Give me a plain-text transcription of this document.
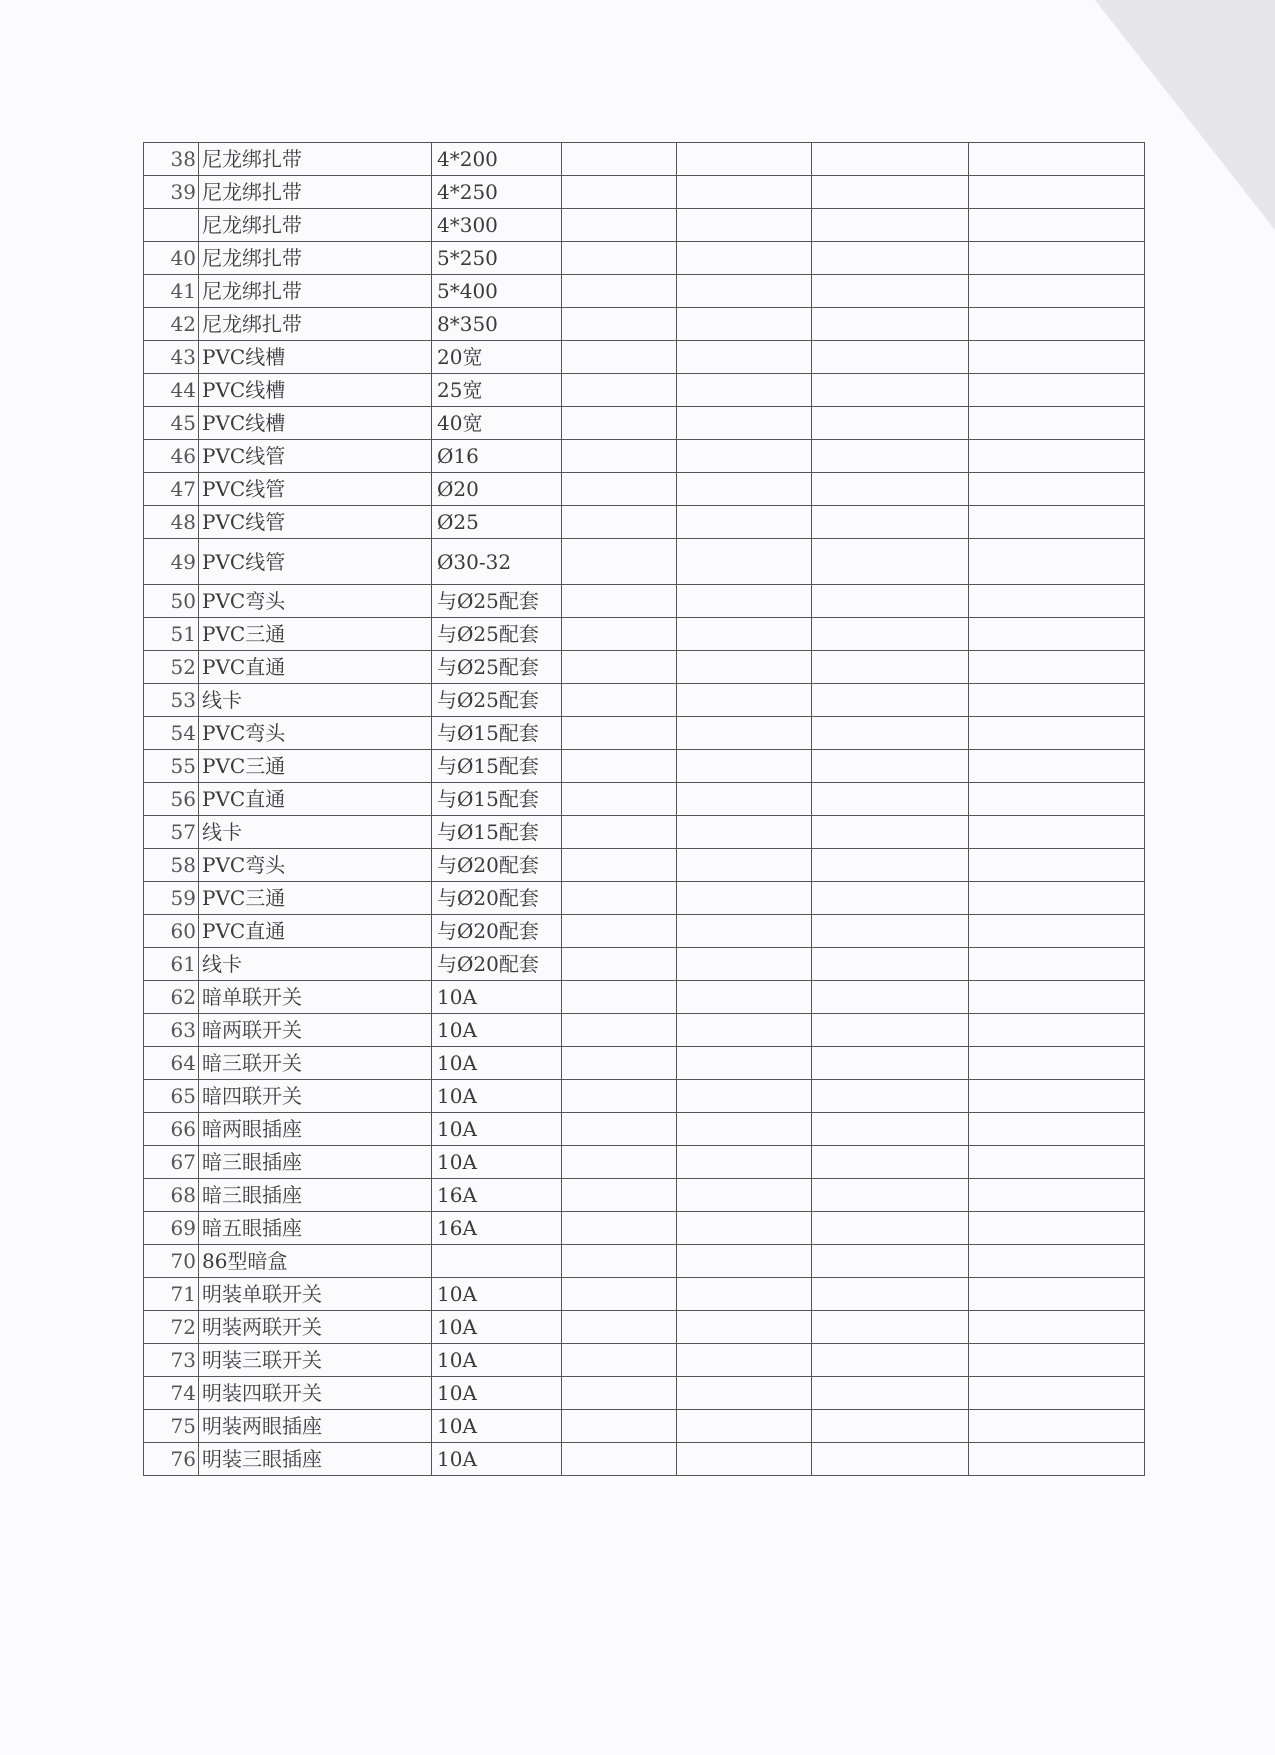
38	尼龙绑扎带	4*200				
39	尼龙绑扎带	4*250				
	尼龙绑扎带	4*300				
40	尼龙绑扎带	5*250				
41	尼龙绑扎带	5*400				
42	尼龙绑扎带	8*350				
43	PVC线槽	20宽				
44	PVC线槽	25宽				
45	PVC线槽	40宽				
46	PVC线管	Ø16				
47	PVC线管	Ø20				
48	PVC线管	Ø25				
49	PVC线管	Ø30-32				
50	PVC弯头	与Ø25配套				
51	PVC三通	与Ø25配套				
52	PVC直通	与Ø25配套				
53	线卡	与Ø25配套				
54	PVC弯头	与Ø15配套				
55	PVC三通	与Ø15配套				
56	PVC直通	与Ø15配套				
57	线卡	与Ø15配套				
58	PVC弯头	与Ø20配套				
59	PVC三通	与Ø20配套				
60	PVC直通	与Ø20配套				
61	线卡	与Ø20配套				
62	暗单联开关	10A				
63	暗两联开关	10A				
64	暗三联开关	10A				
65	暗四联开关	10A				
66	暗两眼插座	10A				
67	暗三眼插座	10A				
68	暗三眼插座	16A				
69	暗五眼插座	16A				
70	86型暗盒					
71	明装单联开关	10A				
72	明装两联开关	10A				
73	明装三联开关	10A				
74	明装四联开关	10A				
75	明装两眼插座	10A				
76	明装三眼插座	10A				
